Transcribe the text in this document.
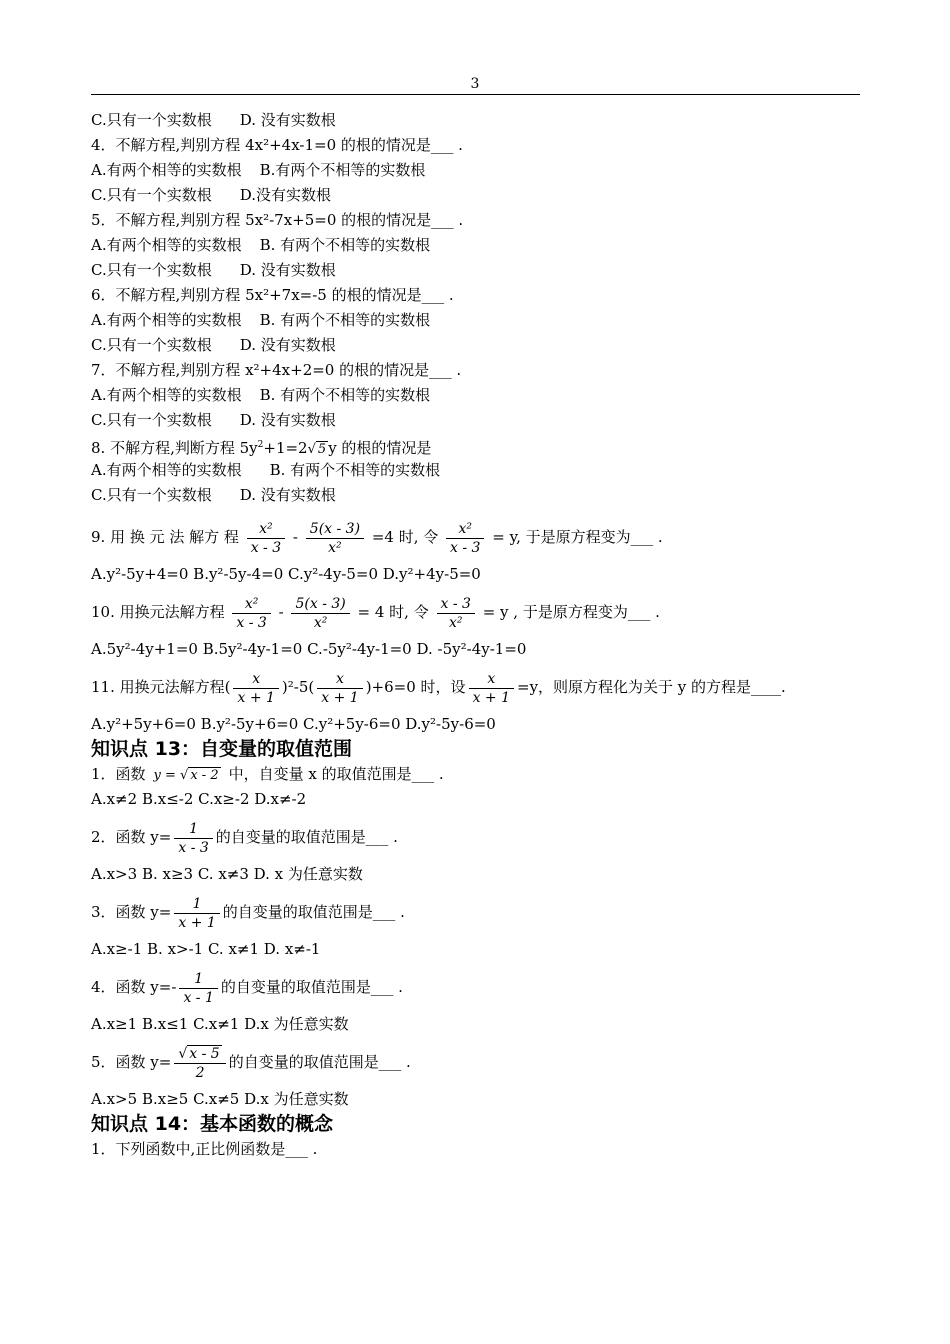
3
C.只有一个实数根 D. 没有实数根
4．不解方程,判别方程 4x²+4x-1=0 的根的情况是___ .
A.有两个相等的实数根 B.有两个不相等的实数根
C.只有一个实数根 D.没有实数根
5．不解方程,判别方程 5x²-7x+5=0 的根的情况是___ .
A.有两个相等的实数根 B. 有两个不相等的实数根
C.只有一个实数根 D. 没有实数根
6．不解方程,判别方程 5x²+7x=-5 的根的情况是___ .
A.有两个相等的实数根 B. 有两个不相等的实数根
C.只有一个实数根 D. 没有实数根
7．不解方程,判别方程 x²+4x+2=0 的根的情况是___ .
A.有两个相等的实数根 B. 有两个不相等的实数根
C.只有一个实数根 D. 没有实数根
8. 不解方程,判断方程 $5y^2+1=2√$ 5 y 的根的情况是
A.有两个相等的实数根 B. 有两个不相等的实数根
C.只有一个实数根 D. 没有实数根
9. 用 换 元 法 解方 程 $\frac{\text{x²}}{x - 3} - \frac{5(x - 3)}{\text{x²}} =4$ 时, 令 $\frac{\text{x²}}{x - 3} = y$, 于是原方程变为___ .
A.y²-5y+4=0 B.y²-5y-4=0 C.y²-4y-5=0 D.y²+4y-5=0
10. 用换元法解方程 $\frac{\text{x²}}{x - 3} - \frac{5(x - 3)}{\text{x²}} = 4$ 时, 令 $\frac{x - 3}{\text{x²}} = y$ , 于是原方程变为___ .
A.5y²-4y+1=0 B.5y²-4y-1=0 C.-5y²-4y-1=0 D. -5y²-4y-1=0
11. 用换元法解方程( $\frac{x}{x + 1} )^2-5( \frac{x}{x + 1} )+6=0$ 时，设 $\frac{x}{x + 1} =y$，则原方程化为关于 y 的方程是____.
A.y²+5y+6=0 B.y²-5y+6=0 C.y²+5y-6=0 D.y²-5y-6=0
知识点 13：自变量的取值范围
1．函数 y = √ x - 2 中，自变量 x 的取值范围是___ .
A.x≠2 B.x≤-2 C.x≥-2 D.x≠-2
2．函数 $y= \frac{1}{x - 3}$ 的自变量的取值范围是___ .
A.x>3 B. x≥3 C. x≠3 D. x 为任意实数
3．函数 $y= \frac{1}{x + 1}$ 的自变量的取值范围是___ .
A.x≥-1 B. x>-1 C. x≠1 D. x≠-1
4．函数 $y=- \frac{1}{x - 1}$ 的自变量的取值范围是___ .
A.x≥1 B.x≤1 C.x≠1 D.x 为任意实数
5．函数 $y= \frac{√ x - 5}{2}$ 的自变量的取值范围是___ .
A.x>5 B.x≥5 C.x≠5 D.x 为任意实数
知识点 14：基本函数的概念
1．下列函数中,正比例函数是___ .
